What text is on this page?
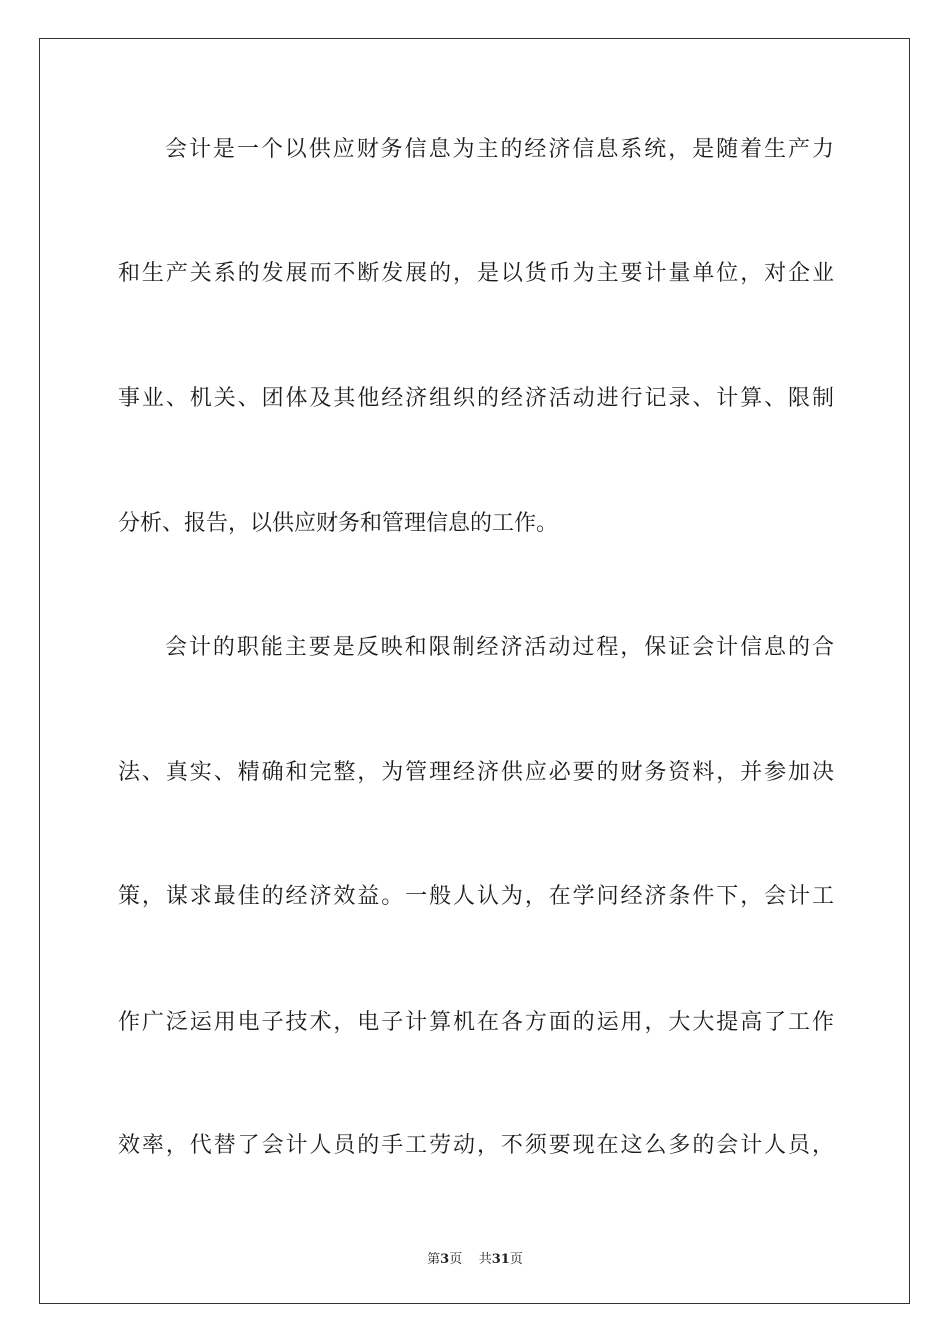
会计是一个以供应财务信息为主的经济信息系统，是随着生产力
和生产关系的发展而不断发展的，是以货币为主要计量单位，对企业
事业、机关、团体及其他经济组织的经济活动进行记录、计算、限制
分析、报告，以供应财务和管理信息的工作。
会计的职能主要是反映和限制经济活动过程，保证会计信息的合
法、真实、精确和完整，为管理经济供应必要的财务资料，并参加决
策，谋求最佳的经济效益。一般人认为，在学问经济条件下，会计工
作广泛运用电子技术，电子计算机在各方面的运用，大大提高了工作
效率，代替了会计人员的手工劳动，不须要现在这么多的会计人员，
第3页 共31页
